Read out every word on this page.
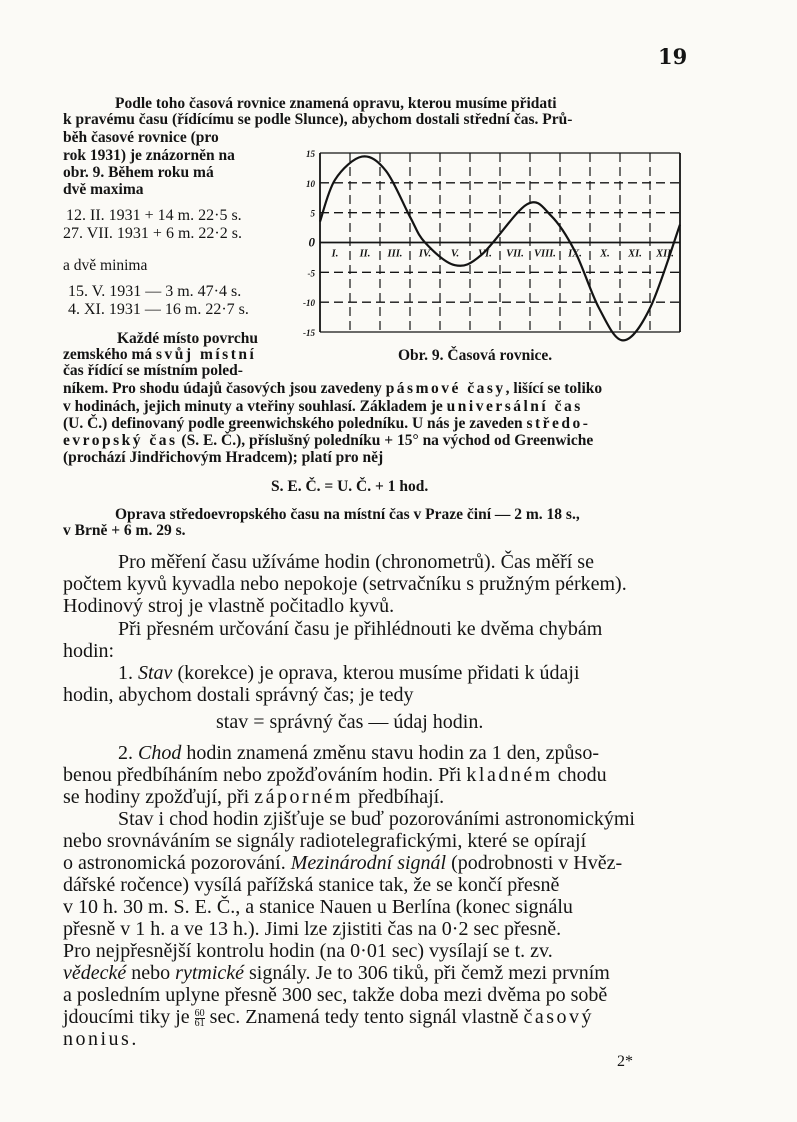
19
Podle toho časová rovnice znamená opravu, kterou musíme přidati
k pravému času (řídícímu se podle Slunce), abychom dostali střední čas. Prů-
běh časové rovnice (pro
rok 1931) je znázorněn na
obr. 9. Během roku má
dvě maxima
12. II. 1931 + 14 m. 22·5 s.
27. VII. 1931 + 6 m. 22·2 s.
a dvě minima
15. V. 1931 — 3 m. 47·4 s.
4. XI. 1931 — 16 m. 22·7 s.
Každé místo povrchu
zemského má svůj místní
čas řídící se místním poled-
15
10
5
0
-5
-10
-15
I. II. III. IV. V. VI. VII. VIII. IX. X. XI. XII.
Obr. 9. Časová rovnice.
níkem. Pro shodu údajů časových jsou zavedeny pásmové časy, lišící se toliko
v hodinách, jejich minuty a vteřiny souhlasí. Základem je universální čas
(U. Č.) definovaný podle greenwichského poledníku. U nás je zaveden středo-
evropský čas (S. E. Č.), příslušný poledníku + 15° na východ od Greenwiche
(prochází Jindřichovým Hradcem); platí pro něj
S. E. Č. = U. Č. + 1 hod.
Oprava středoevropského času na místní čas v Praze činí — 2 m. 18 s.,
v Brně + 6 m. 29 s.
Pro měření času užíváme hodin (chronometrů). Čas měří se
počtem kyvů kyvadla nebo nepokoje (setrvačníku s pružným pérkem).
Hodinový stroj je vlastně počitadlo kyvů.
Při přesném určování času je přihlédnouti ke dvěma chybám
hodin:
1. Stav (korekce) je oprava, kterou musíme přidati k údaji
hodin, abychom dostali správný čas; je tedy
stav = správný čas — údaj hodin.
2. Chod hodin znamená změnu stavu hodin za 1 den, způso-
benou předbíháním nebo zpožďováním hodin. Při kladném chodu
se hodiny zpožďují, při záporném předbíhají.
Stav i chod hodin zjišťuje se buď pozorováními astronomickými
nebo srovnáváním se signály radiotelegrafickými, které se opírají
o astronomická pozorování. Mezinárodní signál (podrobnosti v Hvěz-
dářské ročence) vysílá pařížská stanice tak, že se končí přesně
v 10 h. 30 m. S. E. Č., a stanice Nauen u Berlína (konec signálu
přesně v 1 h. a ve 13 h.). Jimi lze zjistiti čas na 0·2 sec přesně.
Pro nejpřesnější kontrolu hodin (na 0·01 sec) vysílají se t. zv.
vědecké nebo rytmické signály. Je to 306 tiků, při čemž mezi prvním
a posledním uplyne přesně 300 sec, takže doba mezi dvěma po sobě
jdoucími tiky je $\frac{60}{61} \sec$. Znamená tedy tento signál vlastně časový
nonius.
2*
